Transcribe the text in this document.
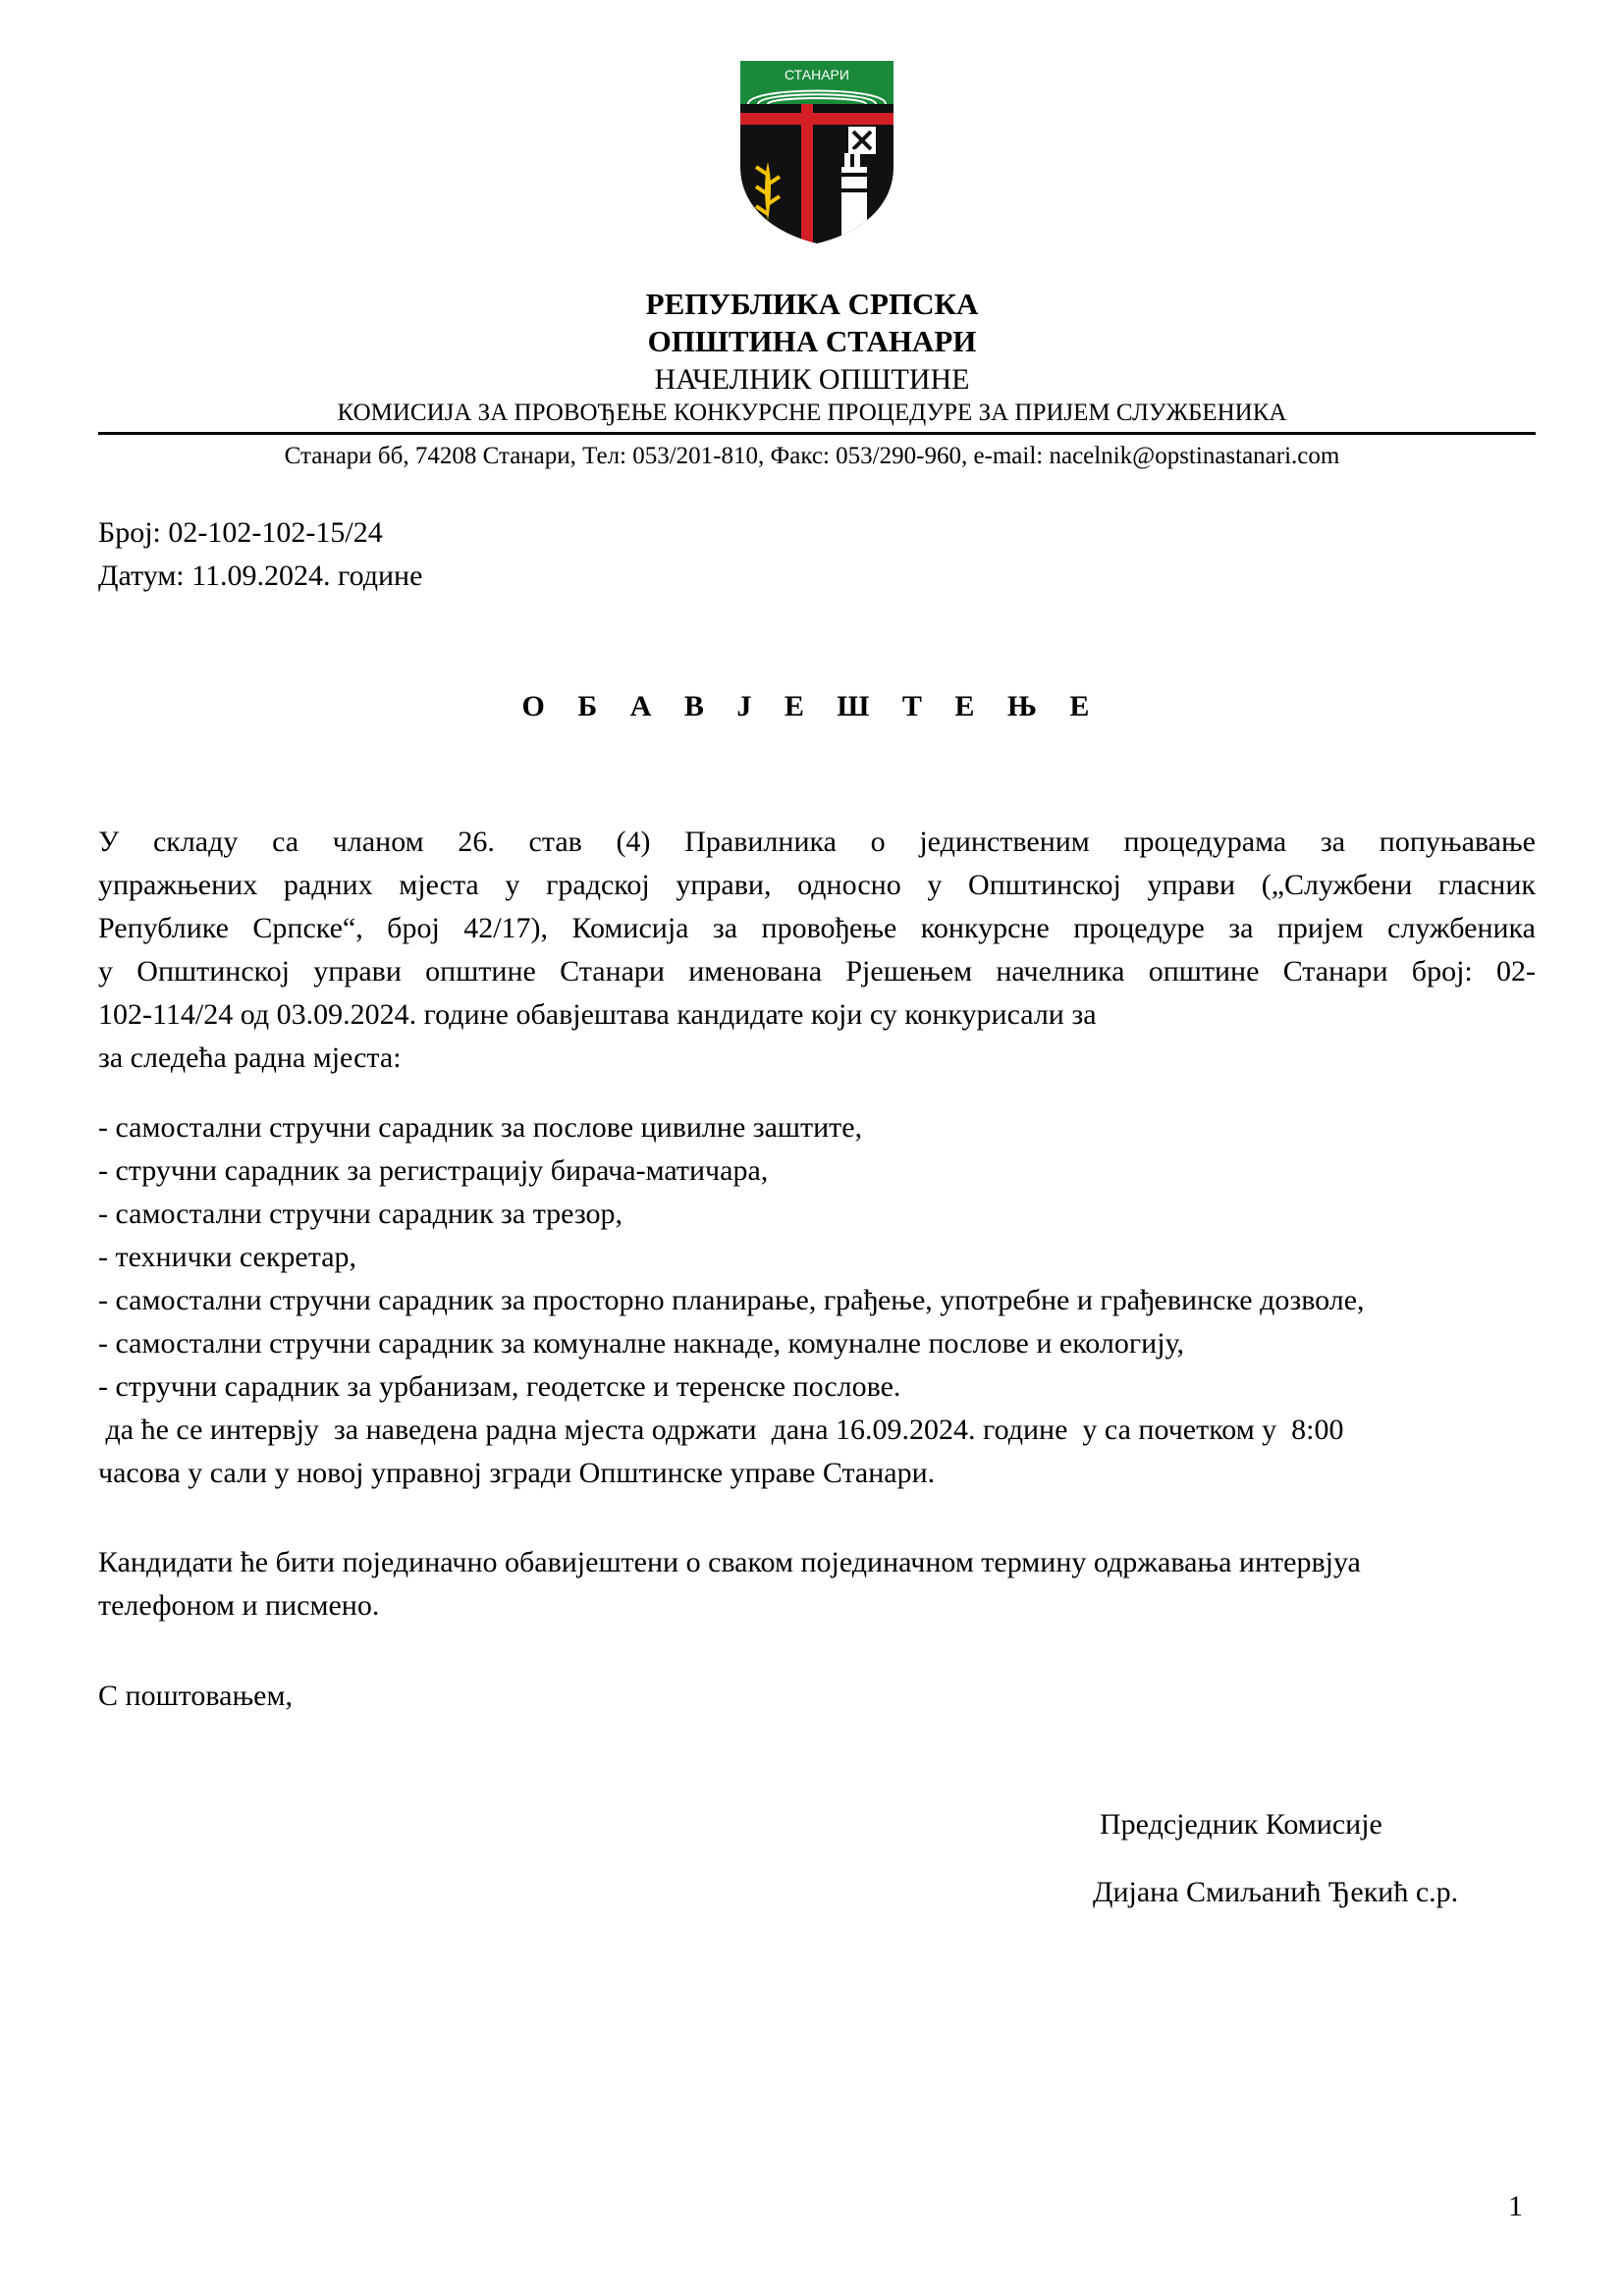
СТАНАРИ
РЕПУБЛИКА СРПСКА
ОПШТИНА СТАНАРИ
НАЧЕЛНИК ОПШТИНЕ
КОМИСИЈА ЗА ПРОВОЂЕЊЕ КОНКУРСНЕ ПРОЦЕДУРЕ ЗА ПРИЈЕМ СЛУЖБЕНИКА
Станари бб, 74208 Станари, Тел: 053/201-810, Факс: 053/290-960, e-mail: nacelnik@opstinastanari.com
Број: 02-102-102-15/24
Датум: 11.09.2024. године
О Б А В Ј Е Ш Т Е Њ Е
У складу са чланом 26. став (4) Правилника о јединственим процедурама за попуњавање
упражњених радних мјеста у градској управи, односно у Општинској управи („Службени гласник
Републике Српске“, број 42/17), Комисија за провођење конкурсне процедуре за пријем службеника
у Општинској управи општине Станари именована Рјешењем начелника општине Станари број: 02-
102-114/24 од 03.09.2024. године обавјештава кандидате који су конкурисали за
за следећа радна мјеста:
- самостални стручни сарадник за послове цивилне заштите,
- стручни сарадник за регистрацију бирача-матичара,
- самостални стручни сарадник за трезор,
- технички секретар,
- самостални стручни сарадник за просторно планирање, грађење, употребне и грађевинске дозволе,
- самостални стручни сарадник за комуналне накнаде, комуналне послове и екологију,
- стручни сарадник за урбанизам, геодетске и теренске послове.
да ће се интервју  за наведена радна мјеста одржати  дана 16.09.2024. године  у са почетком у  8:00
часова у сали у новој управној згради Општинске управе Станари.
Кандидати ће бити појединачно обавијештени о сваком појединачном термину одржавања интервјуа
телефоном и писмено.
С поштовањем,
Предсједник Комисије
Дијана Смиљанић Ђекић с.р.
1
